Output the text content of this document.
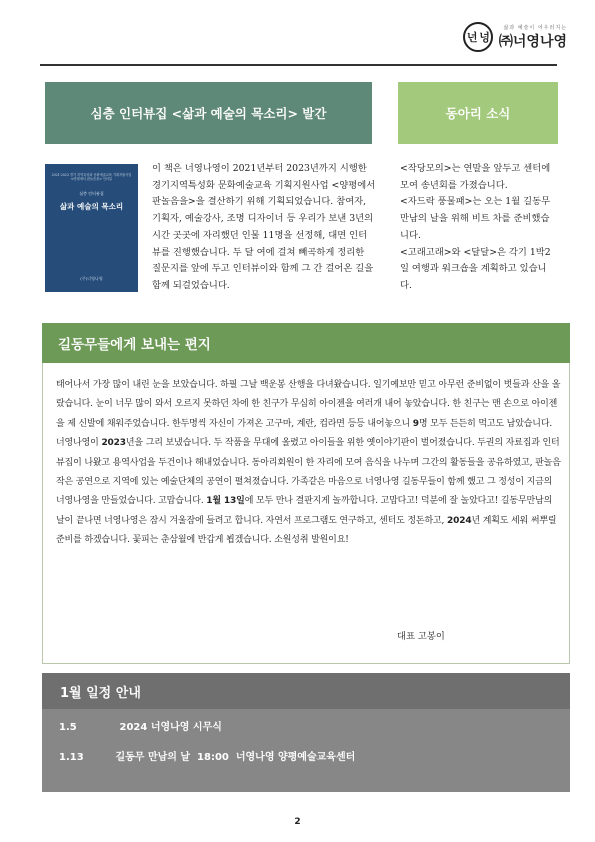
넌 넝
삶과 예술이 어우러지는
㈜너영나영
심층 인터뷰집 <삶과 예술의 목소리> 발간	동아리 소식
2021-2023 경기 지역특성화 문화예술교육 기획지원사업 <양평에서 판놀음을> 인터뷰
심층 인터뷰집
삶과 예술의 목소리
(주)너영나영
이 책은 너영나영이 2021년부터 2023년까지 시행한 경기지역특성화 문화예술교육 기획지원사업 <양평에서 판놀음을>을 결산하기 위해 기획되었습니다. 참여자, 기획자, 예술강사, 조명 디자이너 등 우리가 보낸 3년의 시간 곳곳에 자리했던 인물 11명을 선정해, 대면 인터뷰를 진행했습니다. 두 달 여에 걸쳐 빼곡하게 정리한 질문지를 앞에 두고 인터뷰이와 함께 그 간 걸어온 길을 함께 되걸었습니다.

<작당모의>는 연말을 앞두고 센터에 모여 송년회를 가졌습니다.

<자드락 풍물패>는 오는 1월 길동무 만남의 날을 위해 비트 차를 준비했습니다.

<고래고래>와 <달달>은 각기 1박2일 여행과 워크숍을 계획하고 있습니다.

길동무들에게 보내는 편지
태어나서 가장 많이 내린 눈을 보았습니다. 하필 그날 백운봉 산행을 다녀왔습니다. 일기예보만 믿고 아무런 준비없이 벗들과 산을 올랐습니다. 눈이 너무 많이 와서 오르지 못하던 차에 한 친구가 무심히 아이젠을 여러개 내어 놓았습니다. 한 친구는 맨 손으로 아이젠을 제 신발에 채워주었습니다. 한두명씩 자신이 가져온 고구마, 계란, 컵라면 등등 내어놓으니 9명 모두 든든히 먹고도 남았습니다. 너영나영이 2023년을 그리 보냈습니다. 두 작품을 무대에 올렸고 아이들을 위한 옛이야기판이 벌어졌습니다. 두권의 자료집과 인터뷰집이 나왔고 용역사업을 두건이나 해내었습니다. 동아리회원이 한 자리에 모여 음식을 나누며 그간의 활동들을 공유하였고, 판놀음 작은 공연으로 지역에 있는 예술단체의 공연이 펼쳐졌습니다. 가족같은 마음으로 너영나영 길동무들이 함께 했고 그 정성이 지금의 너영나영을 만들었습니다. 고맙습니다. 1월 13일에 모두 만나 결판지게 놀까합니다. 고맙다고! 덕분에 잘 놀았다고! 길동무만남의 날이 끝나면 너영나영은 잠시 겨울잠에 들려고 합니다. 자연서 프로그램도 연구하고, 센터도 정돈하고, 2024년 계획도 세워 써뿌릴 준비를 하겠습니다. 꽃피는 춘삼월에 반갑게 뵙겠습니다. 소원성취 발원이요!
대표 고봉이
1월 일정 안내
1.5	2024 너영나영 시무식
1.13	길동무 만남의 날 18:00 너영나영 양평예술교육센터
2
